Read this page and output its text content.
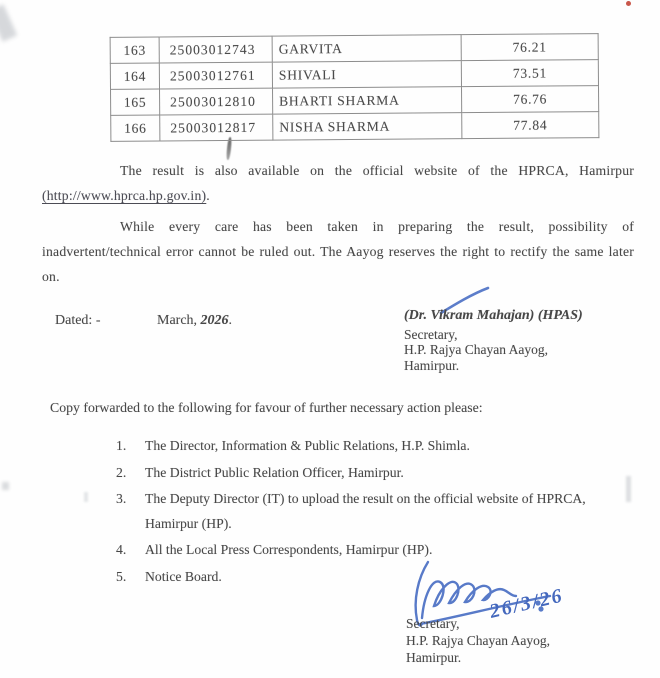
163	25003012743	GARVITA	76.21
164	25003012761	SHIVALI	73.51
165	25003012810	BHARTI SHARMA	76.76
166	25003012817	NISHA SHARMA	77.84
The result is also available on the official website of the HPRCA, Hamirpur
(http://www.hprca.hp.gov.in).
While every care has been taken in preparing the result, possibility of inadvertent/technical error cannot be ruled out. The Aayog reserves the right to rectify the same later on.
Dated: -	March, 2026.	(Dr. Vikram Mahajan) (HPAS)
Secretary,
H.P. Rajya Chayan Aayog,
Hamirpur.
Copy forwarded to the following for favour of further necessary action please:
1.	The Director, Information & Public Relations, H.P. Shimla.
2.	The District Public Relation Officer, Hamirpur.
3.	The Deputy Director (IT) to upload the result on the official website of HPRCA,
Hamirpur (HP).
4.	All the Local Press Correspondents, Hamirpur (HP).
5.	Notice Board.
26/3/26
Secretary,
H.P. Rajya Chayan Aayog,
Hamirpur.
